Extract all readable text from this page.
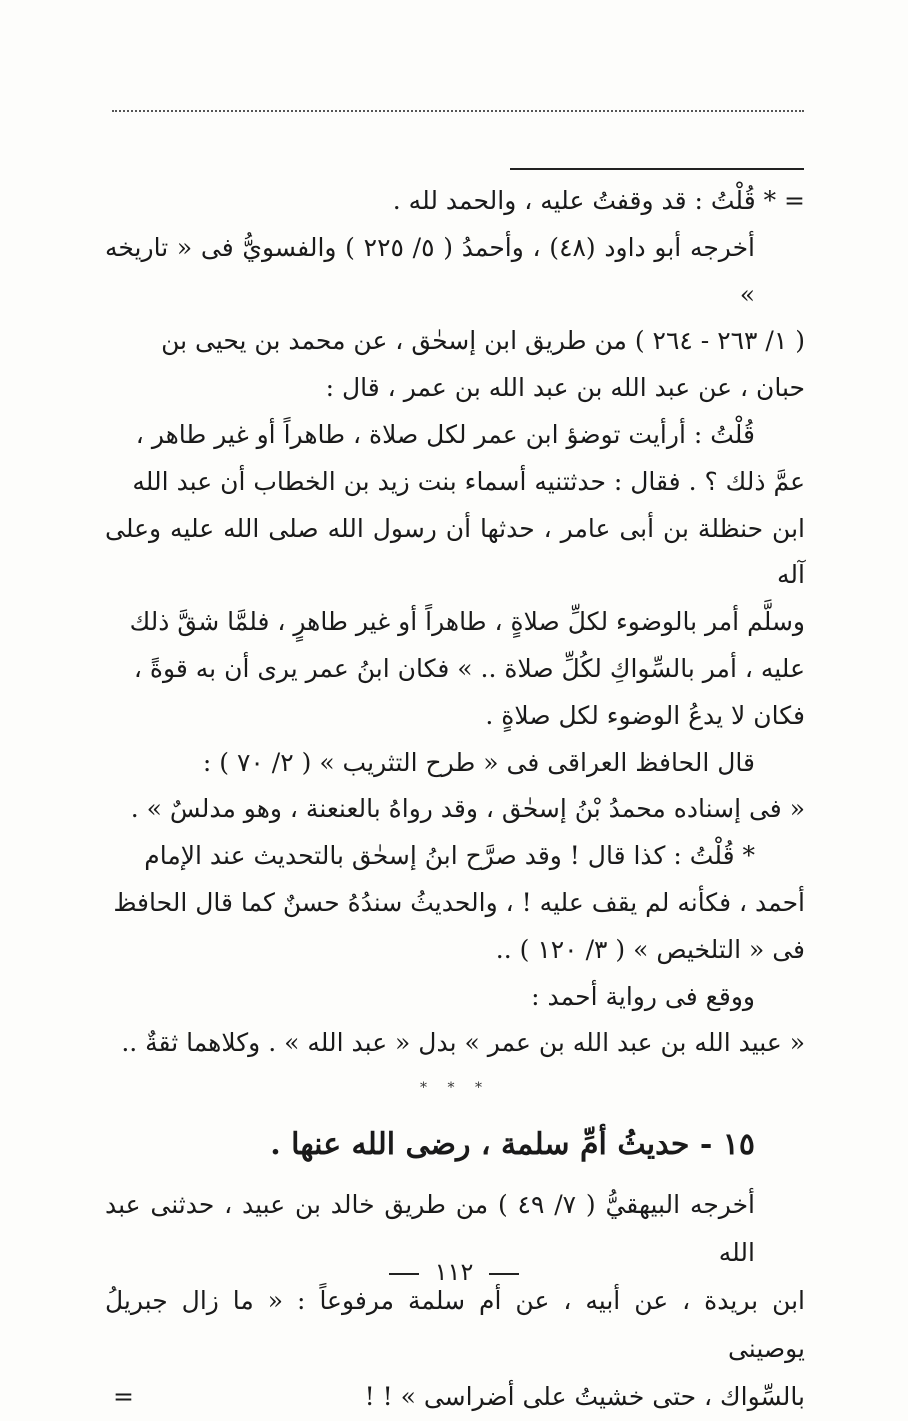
= * قُلْتُ : قد وقفتُ عليه ، والحمد لله .

أخرجه أبو داود (٤٨) ، وأحمدُ ( ٥/ ٢٢٥ ) والفسويُّ فى « تاريخه »

( ١/ ٢٦٣ - ٢٦٤ ) من طريق ابن إسحٰق ، عن محمد بن يحيى بن

حبان ، عن عبد الله بن عبد الله بن عمر ، قال :

قُلْتُ : أرأيت توضؤ ابن عمر لكل صلاة ، طاهراً أو غير طاهر ،

عمَّ ذلك ؟ . فقال : حدثتنيه أسماء بنت زيد بن الخطاب أن عبد الله

ابن حنظلة بن أبى عامر ، حدثها أن رسول الله صلى الله عليه وعلى آله

وسلَّم أمر بالوضوء لكلِّ صلاةٍ ، طاهراً أو غير طاهرٍ ، فلمَّا شقَّ ذلك

عليه ، أمر بالسِّواكِ لكُلِّ صلاة .. » فكان ابنُ عمر يرى أن به قوةً ،

فكان لا يدعُ الوضوء لكل صلاةٍ .

قال الحافظ العراقى فى « طرح التثريب » ( ٢/ ٧٠ ) :

« فى إسناده محمدُ بْنُ إسحٰق ، وقد رواهُ بالعنعنة ، وهو مدلسٌ » .

* قُلْتُ : كذا قال ! وقد صرَّح ابنُ إسحٰق بالتحديث عند الإمام

أحمد ، فكأنه لم يقف عليه ! ، والحديثُ سندُهُ حسنٌ كما قال الحافظ

فى « التلخيص » ( ٣/ ١٢٠ ) ..

ووقع فى رواية أحمد :

« عبيد الله بن عبد الله بن عمر » بدل « عبد الله » . وكلاهما ثقةٌ ..

* * *

١٥ - حديثُ أمِّ سلمة ، رضى الله عنها .

أخرجه البيهقيُّ ( ٧/ ٤٩ ) من طريق خالد بن عبيد ، حدثنى عبد الله

ابن بريدة ، عن أبيه ، عن أم سلمة مرفوعاً : « ما زال جبريلُ يوصينى

=	بالسِّواك ، حتى خشيتُ على أضراسى » ! !

١١٢
